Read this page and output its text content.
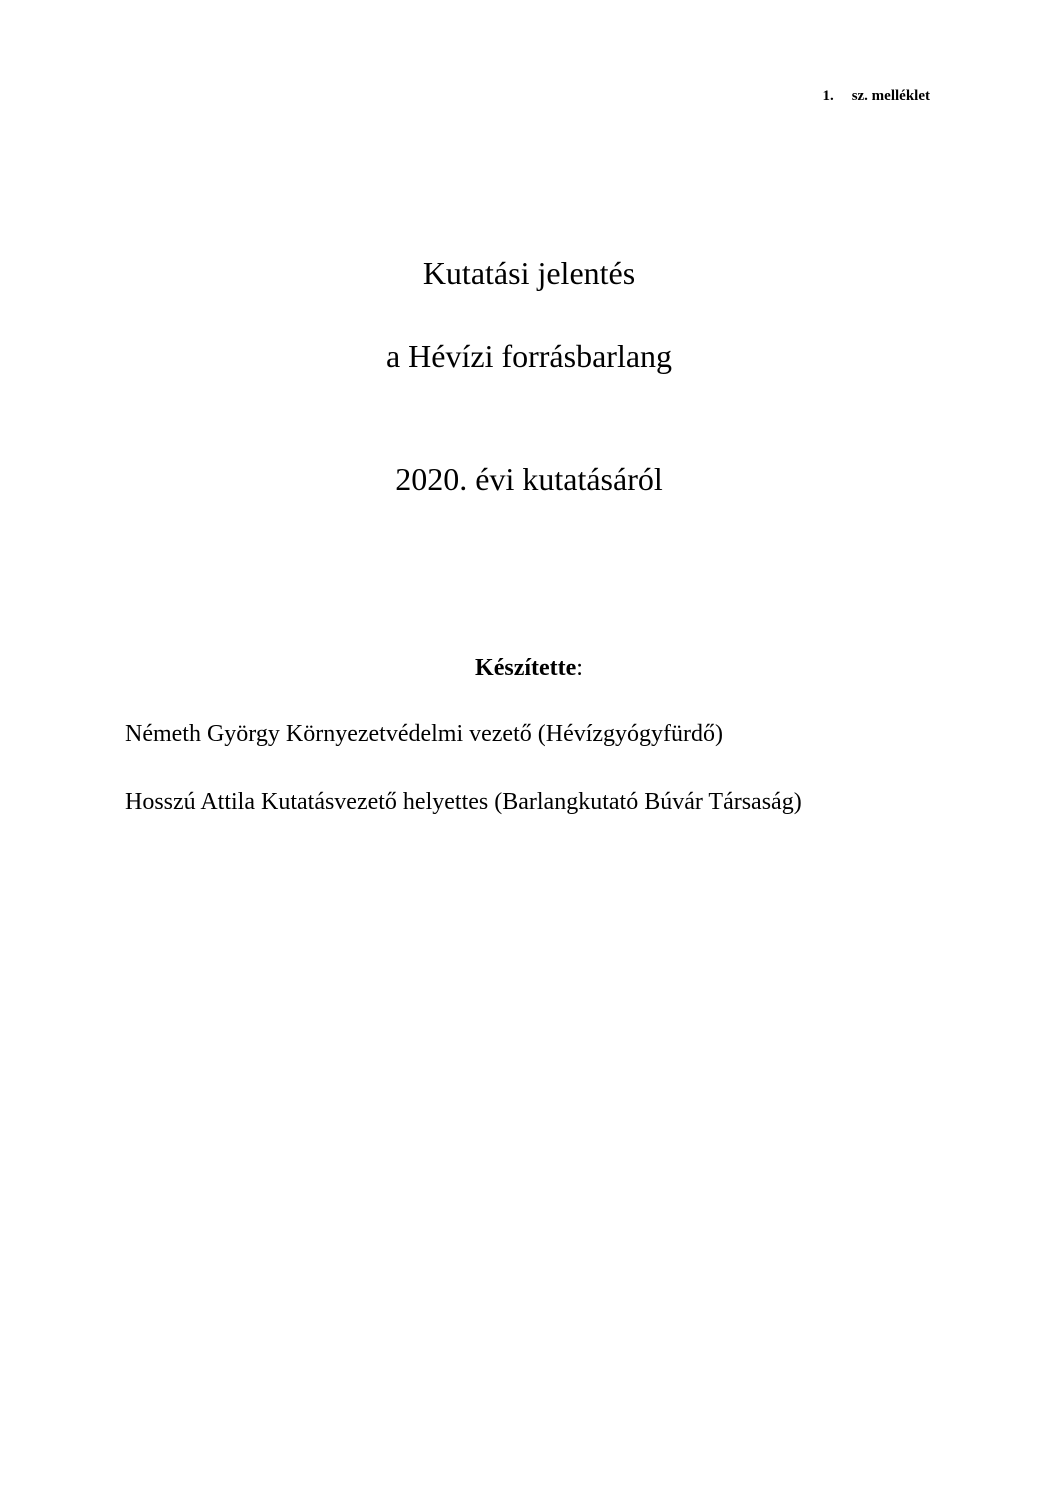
1. sz. melléklet
Kutatási jelentés
a Hévízi forrásbarlang
2020. évi kutatásáról
Készítette:
Németh György Környezetvédelmi vezető (Hévízgyógyfürdő)
Hosszú Attila Kutatásvezető helyettes (Barlangkutató Búvár Társaság)
